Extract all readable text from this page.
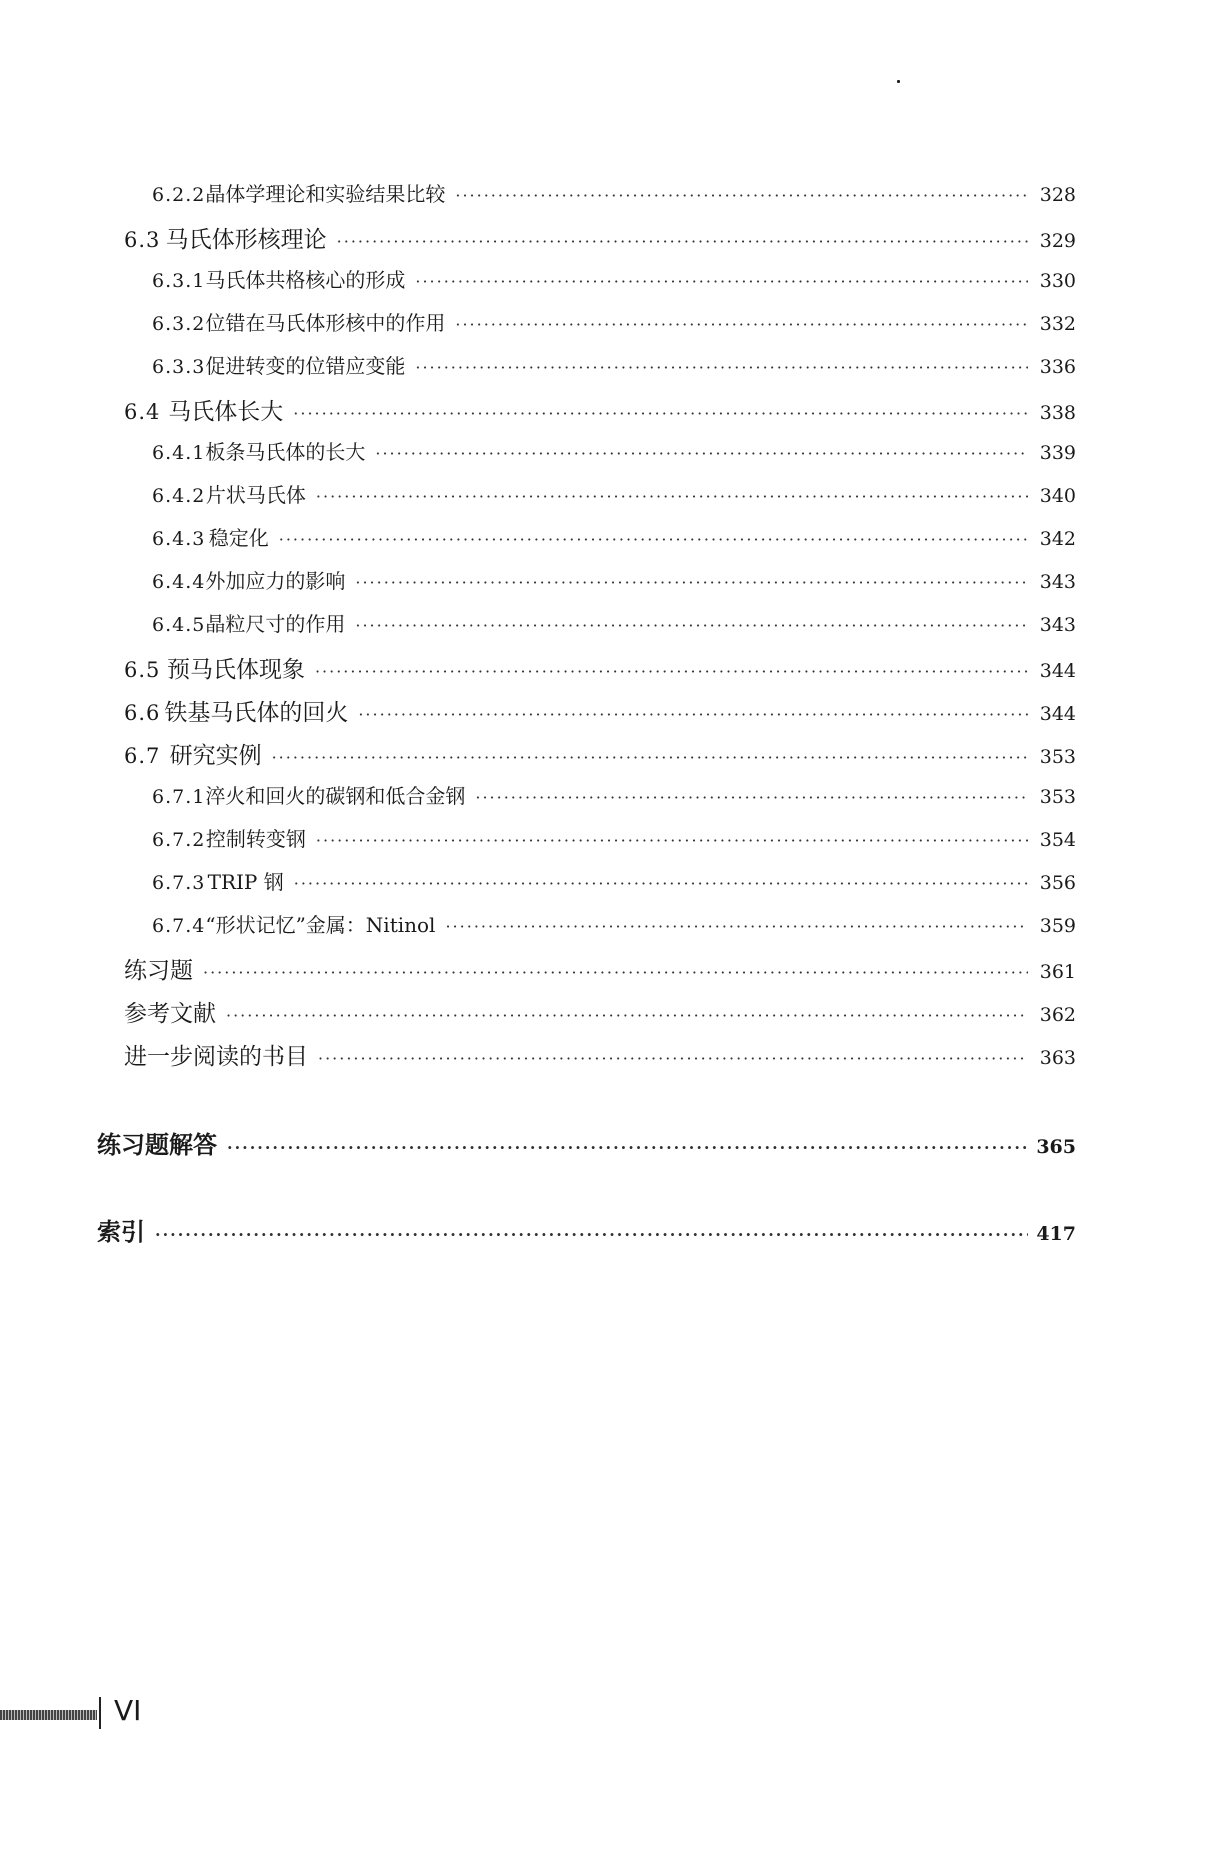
6.2.2 晶体学理论和实验结果比较 ·····	328
6.3 马氏体形核理论 ·····	329
6.3.1 马氏体共格核心的形成 ·····	330
6.3.2 位错在马氏体形核中的作用 ·····	332
6.3.3 促进转变的位错应变能 ·····	336
6.4 马氏体长大 ·····	338
6.4.1 板条马氏体的长大 ·····	339
6.4.2 片状马氏体 ·····	340
6.4.3 稳定化 ·····	342
6.4.4 外加应力的影响 ·····	343
6.4.5 晶粒尺寸的作用 ·····	343
6.5 预马氏体现象 ·····	344
6.6 铁基马氏体的回火 ·····	344
6.7 研究实例 ·····	353
6.7.1 淬火和回火的碳钢和低合金钢 ·····	353
6.7.2 控制转变钢 ·····	354
6.7.3 TRIP 钢 ·····	356
6.7.4 “形状记忆”金属：Nitinol ·····	359
练习题 ·····	361
参考文献 ·····	362
进一步阅读的书目 ·····	363
练习题解答 ·····	365
索引 ·····	417
VI
